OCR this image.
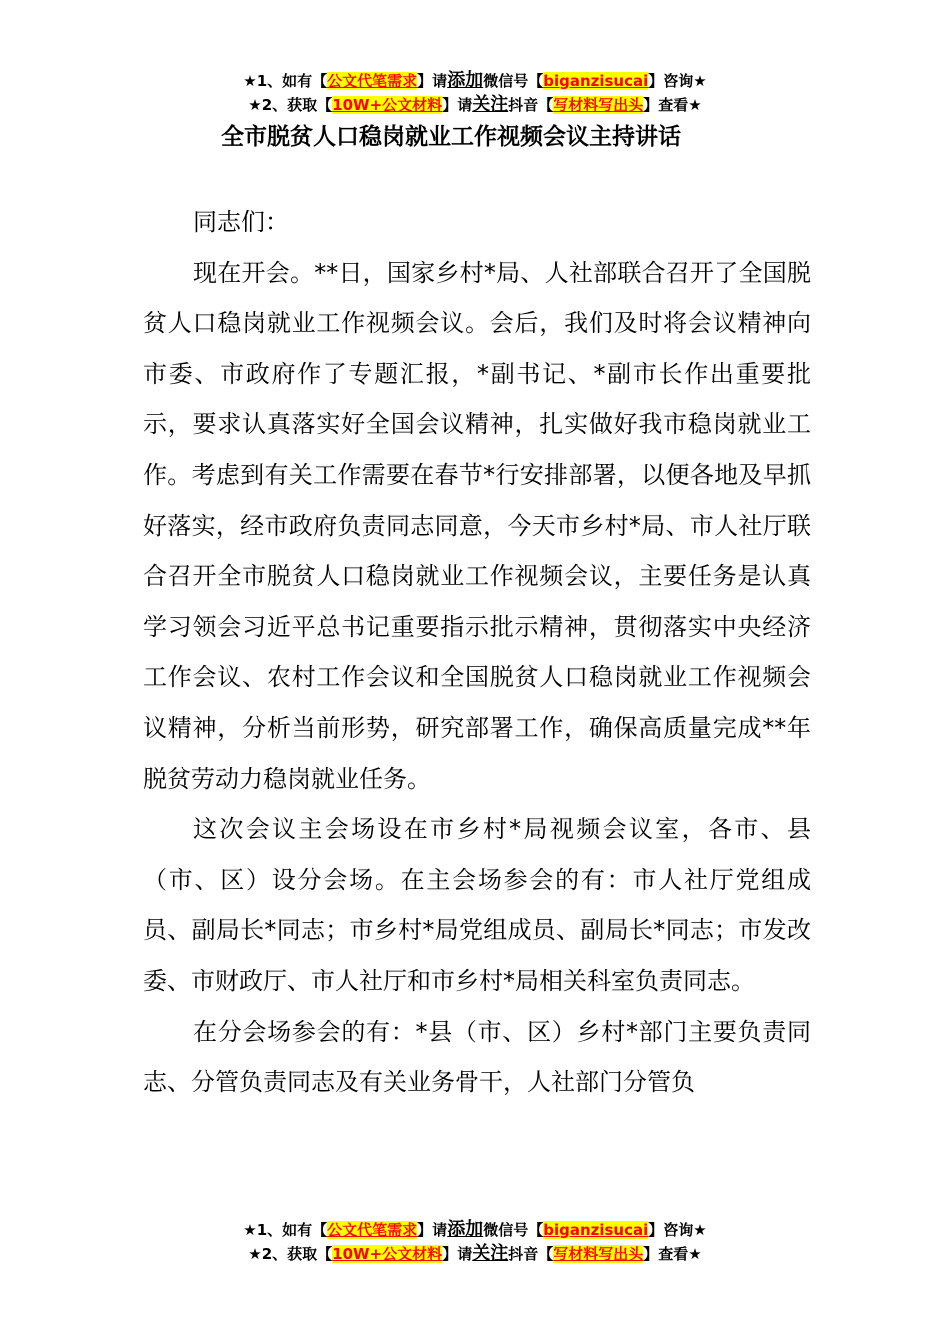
★1、如有【公文代笔需求】请添加微信号【biganzisucai】咨询★
★2、获取【10W+公文材料】请关注抖音【写材料写出头】查看★
全市脱贫人口稳岗就业工作视频会议主持讲话

同志们：

现在开会。**日，国家乡村*局、人社部联合召开了全国脱贫人口稳岗就业工作视频会议。会后，我们及时将会议精神向市委、市政府作了专题汇报，*副书记、*副市长作出重要批示，要求认真落实好全国会议精神，扎实做好我市稳岗就业工作。考虑到有关工作需要在春节*行安排部署，以便各地及早抓好落实，经市政府负责同志同意，今天市乡村*局、市人社厅联合召开全市脱贫人口稳岗就业工作视频会议，主要任务是认真学习领会习近平总书记重要指示批示精神，贯彻落实中央经济工作会议、农村工作会议和全国脱贫人口稳岗就业工作视频会议精神，分析当前形势，研究部署工作，确保高质量完成**年脱贫劳动力稳岗就业任务。

这次会议主会场设在市乡村*局视频会议室，各市、县（市、区）设分会场。在主会场参会的有：市人社厅党组成员、副局长*同志；市乡村*局党组成员、副局长*同志；市发改委、市财政厅、市人社厅和市乡村*局相关科室负责同志。

在分会场参会的有：*县（市、区）乡村*部门主要负责同志、分管负责同志及有关业务骨干，人社部门分管负

★1、如有【公文代笔需求】请添加微信号【biganzisucai】咨询★
★2、获取【10W+公文材料】请关注抖音【写材料写出头】查看★
